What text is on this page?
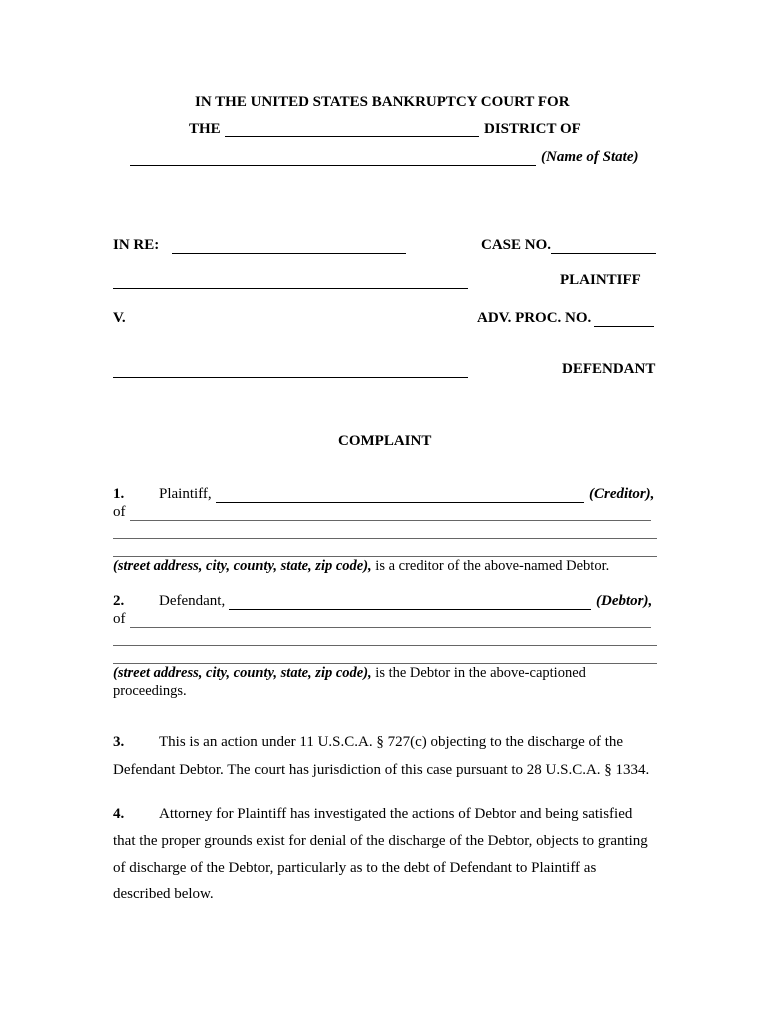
IN THE UNITED STATES BANKRUPTCY COURT FOR
THE	DISTRICT OF
(Name of State)
IN RE:	CASE NO.
PLAINTIFF
V.	ADV. PROC. NO.
DEFENDANT
COMPLAINT
1. Plaintiff,	(Creditor),
of
(street address, city, county, state, zip code), is a creditor of the above-named Debtor.
2. Defendant,	(Debtor),
of
(street address, city, county, state, zip code), is the Debtor in the above-captioned
proceedings.
3. This is an action under 11 U.S.C.A. § 727(c) objecting to the discharge of the
Defendant Debtor. The court has jurisdiction of this case pursuant to 28 U.S.C.A. § 1334.
4. Attorney for Plaintiff has investigated the actions of Debtor and being satisfied
that the proper grounds exist for denial of the discharge of the Debtor, objects to granting
of discharge of the Debtor, particularly as to the debt of Defendant to Plaintiff as
described below.
